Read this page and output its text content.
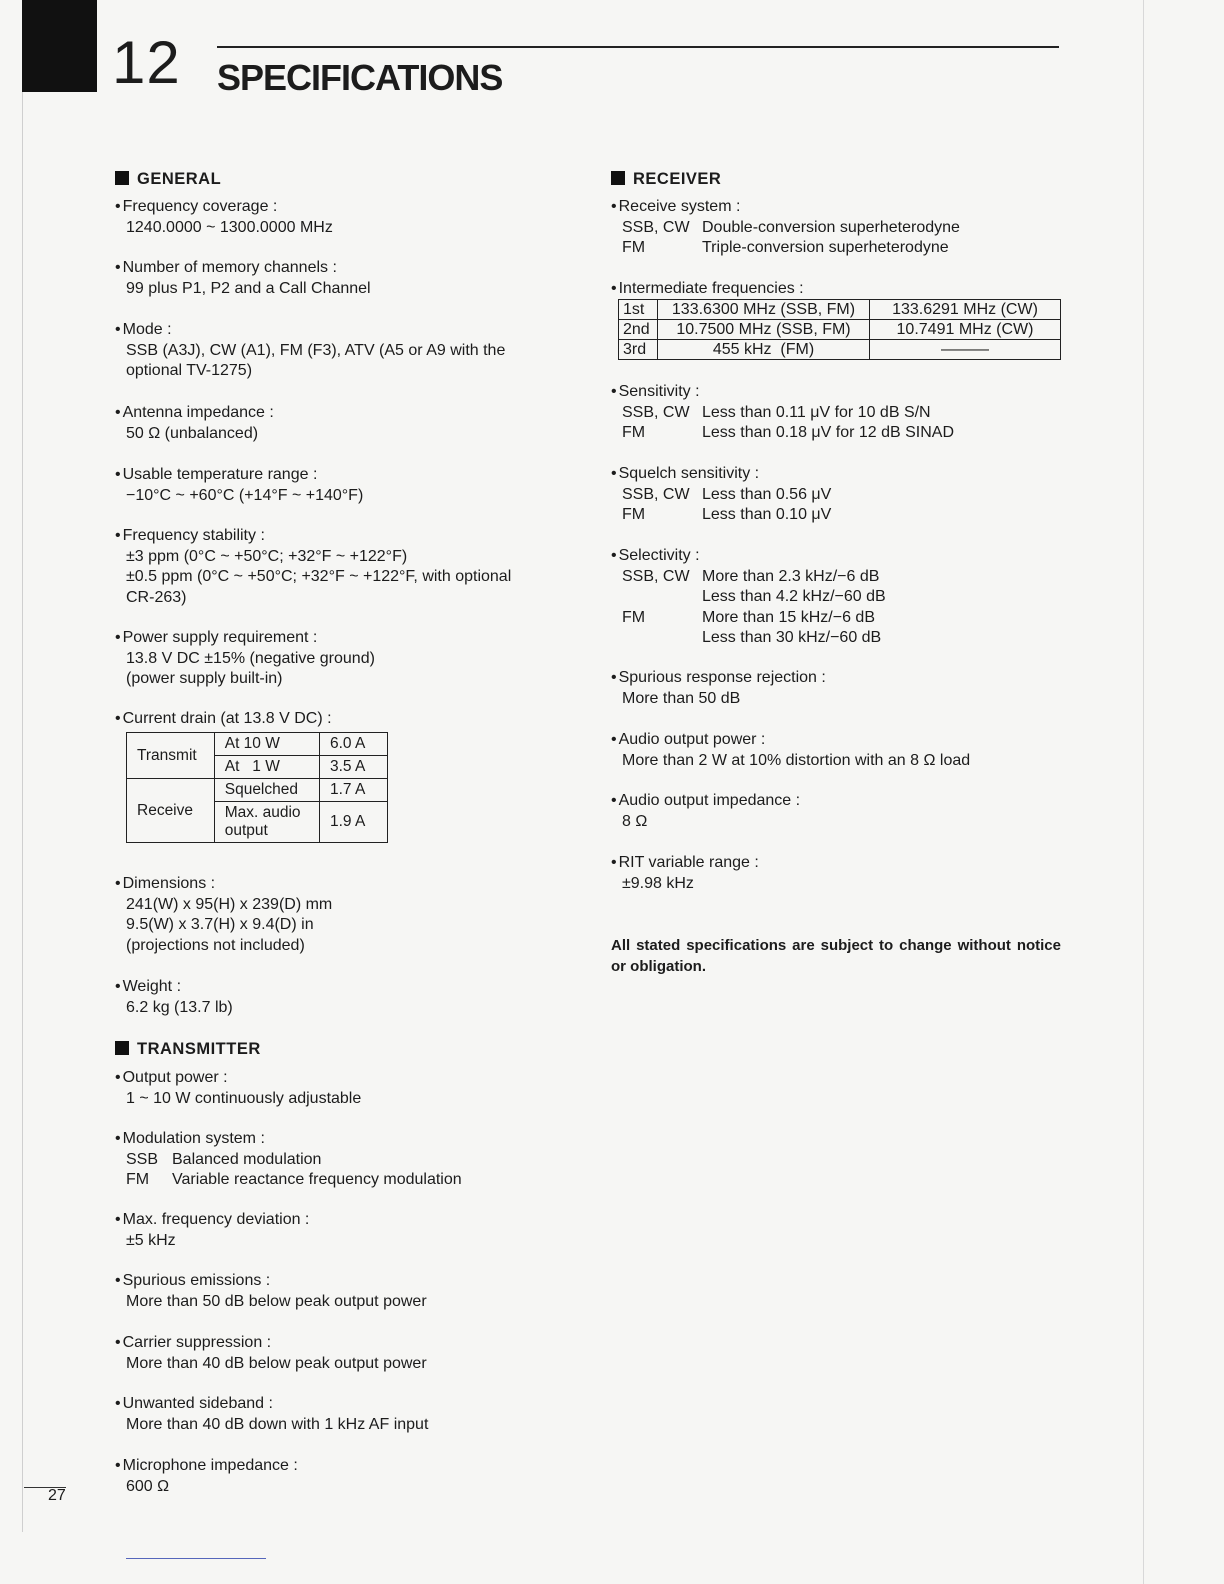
12 SPECIFICATIONS
GENERAL
• Frequency coverage :
1240.0000 ~ 1300.0000 MHz
• Number of memory channels :
99 plus P1, P2 and a Call Channel
• Mode :
SSB (A3J), CW (A1), FM (F3), ATV (A5 or A9 with the
optional TV-1275)
• Antenna impedance :
50 Ω (unbalanced)
• Usable temperature range :
−10°C ~ +60°C (+14°F ~ +140°F)
• Frequency stability :
±3 ppm (0°C ~ +50°C; +32°F ~ +122°F)
±0.5 ppm (0°C ~ +50°C; +32°F ~ +122°F, with optional
CR-263)
• Power supply requirement :
13.8 V DC ±15% (negative ground)
(power supply built-in)
• Current drain (at 13.8 V DC) :
Transmit	At 10 W	6.0 A
	At   1 W	3.5 A
Receive	Squelched	1.7 A

	Max. audio
output	1.9 A
• Dimensions :
241(W) x 95(H) x 239(D) mm
9.5(W) x 3.7(H) x 9.4(D) in
(projections not included)
• Weight :
6.2 kg (13.7 lb)
TRANSMITTER
• Output power :
1 ~ 10 W continuously adjustable
• Modulation system :
SSB Balanced modulation
FM	Variable reactance frequency modulation
• Max. frequency deviation :
±5 kHz
• Spurious emissions :
More than 50 dB below peak output power
• Carrier suppression :
More than 40 dB below peak output power
• Unwanted sideband :
More than 40 dB down with 1 kHz AF input
• Microphone impedance :
600 Ω
RECEIVER
• Receive system :
SSB, CW Double-conversion superheterodyne
FM	Triple-conversion superheterodyne
• Intermediate frequencies :
1st	133.6300 MHz (SSB, FM)	133.6291 MHz (CW)
2nd	10.7500 MHz (SSB, FM)	10.7491 MHz (CW)
3rd	455 kHz  (FM)	———
• Sensitivity :
SSB, CW Less than 0.11 μV for 10 dB S/N
FM	Less than 0.18 μV for 12 dB SINAD
• Squelch sensitivity :
SSB, CW Less than 0.56 μV
FM	Less than 0.10 μV
• Selectivity :
SSB, CW More than 2.3 kHz/−6 dB
Less than 4.2 kHz/−60 dB
FM	More than 15 kHz/−6 dB
Less than 30 kHz/−60 dB
• Spurious response rejection :
More than 50 dB
• Audio output power :
More than 2 W at 10% distortion with an 8 Ω load
• Audio output impedance :
8 Ω
• RIT variable range :
±9.98 kHz
All stated specifications are subject to change without notice or obligation.
27
